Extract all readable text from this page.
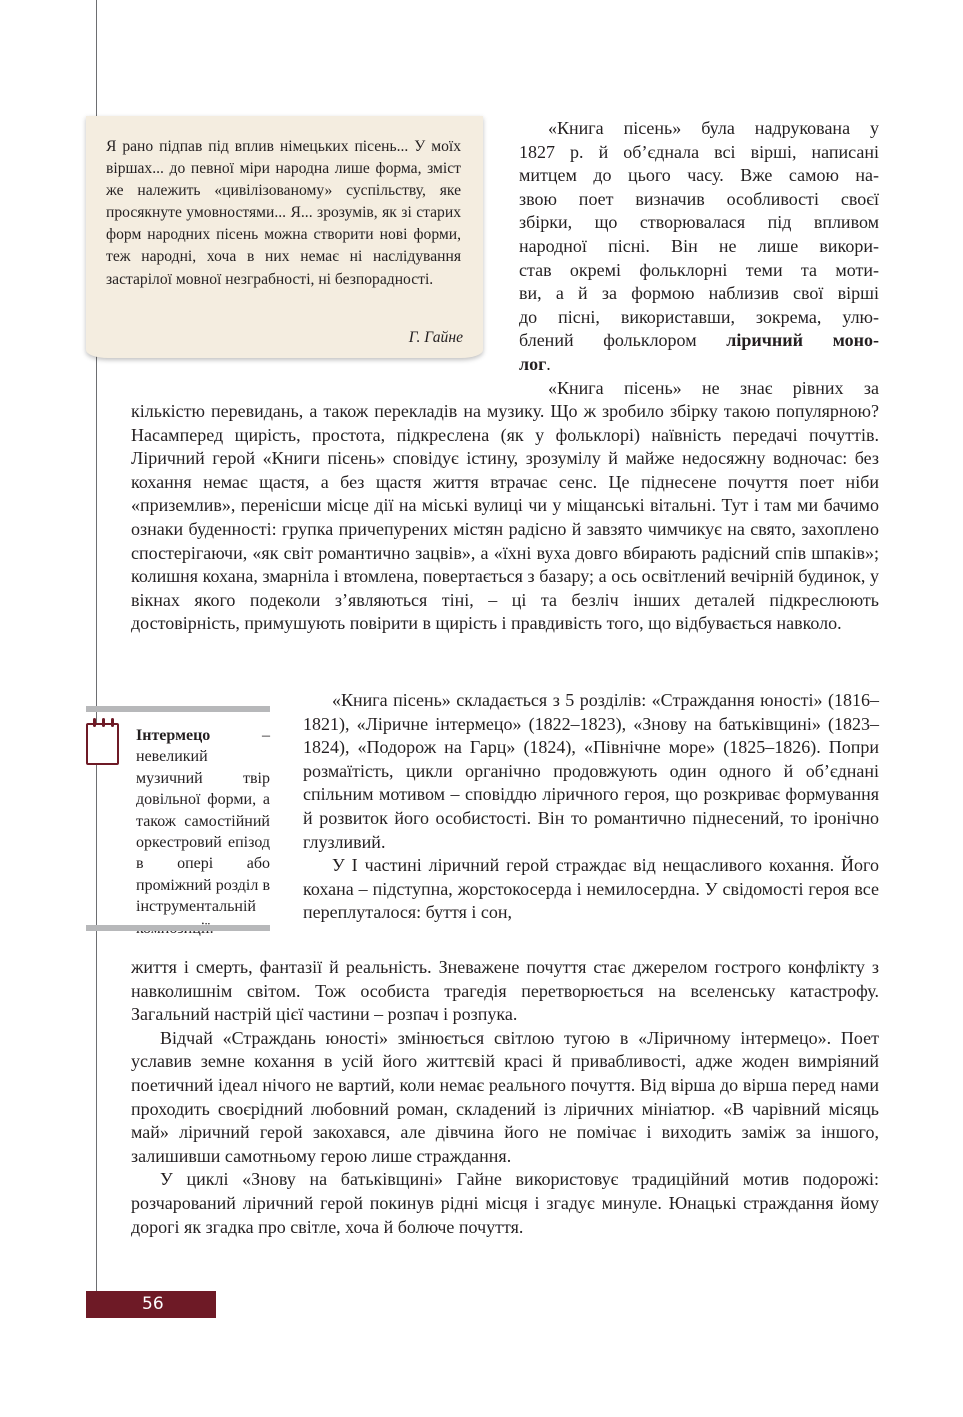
Я рано підпав під вплив німецьких пісень... У моїх віршах... до певної міри народна лише форма, зміст же належить «цивілізованому» суспільству, яке просякнуте умовностями... Я... зрозумів, як зі старих форм народних пісень можна створити нові форми, теж народні, хоча в них немає ні наслідування застарілої мовної незграбності, ні безпорадності.
Г. Гайне
«Книга пісень» була надрукована у
1827 р. й об’єднала всі вірші, написані
митцем до цього часу. Вже самою на-
звою поет визначив особливості своєї
збірки, що створювалася під впливом
народної пісні. Він не лише викори-
став окремі фольклорні теми та моти-
ви, а й за формою наблизив свої вірші
до пісні, використавши, зокрема, улю-
блений фольклором ліричний моно-
лог.
«Книга пісень» не знає рівних за

кількістю перевидань, а також перекладів на музику. Що ж зробило збірку такою популярною? Насамперед щирість, простота, підкреслена (як у фольклорі) наївність передачі почуттів. Ліричний герой «Книги пісень» сповідує істину, зрозумілу й майже недосяжну водночас: без кохання немає щастя, а без щастя життя втрачає сенс. Це піднесене почуття поет ніби «приземлив», перенісши місце дії на міські вулиці чи у міщанські вітальні. Тут і там ми бачимо ознаки буденності: групка причепурених містян радісно й завзято чимчикує на свято, захоплено спостерігаючи, «як світ романтично зацвів», а «їхні вуха довго вбирають радісний спів шпаків»; колишня кохана, змарніла і втомлена, повертається з базару; а ось освітлений вечірній будинок, у вікнах якого подеколи з’являються тіні, – ці та безліч інших деталей підкреслюють достовірність, примушують повірити в щирість і правдивість того, що відбувається навколо.

Інтермецо	–
невеликий музичний твір довільної форми, а також самостійний оркестровий епізод в опері або проміжний розділ в інструментальній

«Книга пісень» складається з 5 розділів: «Страждання юності» (1816–1821), «Ліричне інтермецо» (1822–1823), «Знову на батьківщині» (1823–1824), «Подорож на Гарц» (1824), «Північне море» (1825–1826). Попри розмаїтість, цикли органічно продовжують один одного й об’єднані спільним мотивом – сповіддю ліричного героя, що розкриває формування й розвиток його особистості. Він то романтично піднесений, то іронічно глузливий.

У I частині ліричний герой страждає від нещасливого кохання. Його кохана – підступна, жорстокосерда і немилосердна. У свідомості героя все переплуталося: буття і сон,

життя і смерть, фантазії й реальність. Зневажене почуття стає джерелом гострого конфлікту з навколишнім світом. Тож особиста трагедія перетворюється на вселенську катастрофу. Загальний настрій цієї частини – розпач і розпука.

Відчай «Страждань юності» змінюється світлою тугою в «Ліричному інтермецо». Поет уславив земне кохання в усій його життєвій красі й привабливості, адже жоден вимріяний поетичний ідеал нічого не вартий, коли немає реального почуття. Від вірша до вірша перед нами проходить своєрідний любовний роман, складений із ліричних мініатюр. «В чарівний місяць май» ліричний герой закохався, але дівчина його не помічає і виходить заміж за іншого, залишивши самотньому герою лише страждання.

У циклі «Знову на батьківщині» Гайне використовує традиційний мотив подорожі: розчарований ліричний герой покинув рідні місця і згадує минуле. Юнацькі страждання йому дорогі як згадка про світле, хоча й болюче почуття.

56
